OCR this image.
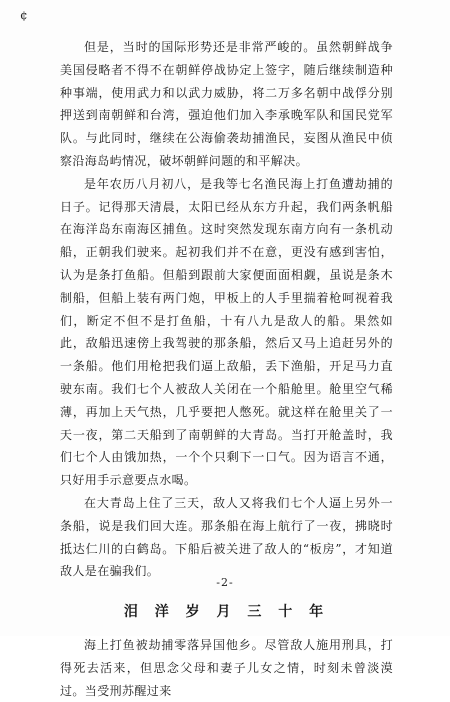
¢

但是，当时的国际形势还是非常严峻的。虽然朝鲜战争美国侵略者不得不在朝鲜停战协定上签字，随后继续制造种种事端，使用武力和以武力威胁，将二万多名朝中战俘分别押送到南朝鲜和台湾，强迫他们加入李承晚军队和国民党军队。与此同时，继续在公海偷袭劫捕渔民，妄图从渔民中侦察沿海岛屿情况，破坏朝鲜问题的和平解决。

是年农历八月初八，是我等七名渔民海上打鱼遭劫捕的日子。记得那天清晨，太阳已经从东方升起，我们两条帆船在海洋岛东南海区捕鱼。这时突然发现东南方向有一条机动船，正朝我们驶来。起初我们并不在意，更没有感到害怕，认为是条打鱼船。但船到跟前大家便面面相觑，虽说是条木制船，但船上装有两门炮，甲板上的人手里揣着枪呵视着我们，断定不但不是打鱼船，十有八九是敌人的船。果然如此，敌船迅速傍上我驾驶的那条船，然后又马上追赶另外的一条船。他们用枪把我们逼上敌船，丢下渔船，开足马力直驶东南。我们七个人被敌人关闭在一个船舱里。舱里空气稀薄，再加上天气热，几乎要把人憋死。就这样在舱里关了一天一夜，第二天船到了南朝鲜的大青岛。当打开舱盖时，我们七个人由饿加热，一个个只剩下一口气。因为语言不通，只好用手示意要点水喝。

在大青岛上住了三天，敌人又将我们七个人逼上另外一条船，说是我们回大连。那条船在海上航行了一夜，拂晓时抵达仁川的白鹤岛。下船后被关进了敌人的“板房”，才知道敌人是在骗我们。

泪 洋 岁 月 三 十 年

海上打鱼被劫捕零落异国他乡。尽管敌人施用刑具，打得死去活来，但思念父母和妻子儿女之情，时刻未曾淡漠过。当受刑苏醒过来

-2-
